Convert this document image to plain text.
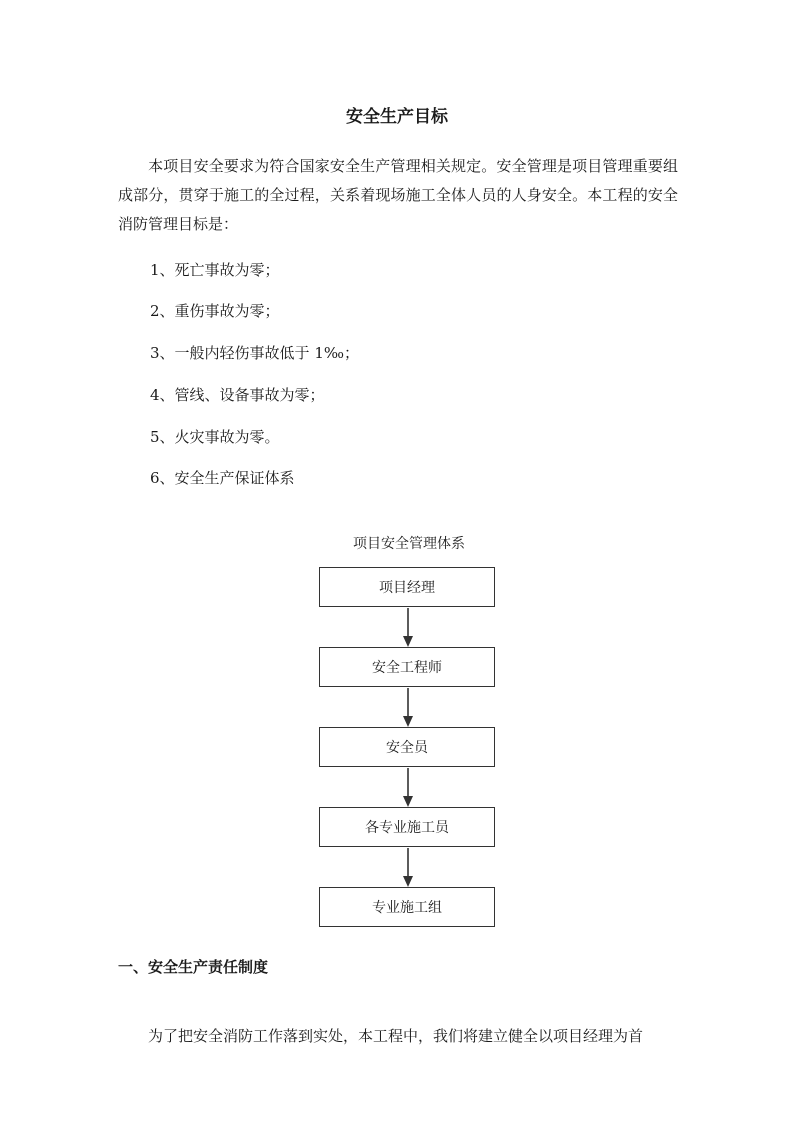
安全生产目标

本项目安全要求为符合国家安全生产管理相关规定。安全管理是项目管理重要组成部分，贯穿于施工的全过程，关系着现场施工全体人员的人身安全。本工程的安全消防管理目标是：

1、死亡事故为零；
2、重伤事故为零；
3、一般内轻伤事故低于 1‰；
4、管线、设备事故为零；
5、火灾事故为零。
6、安全生产保证体系
项目安全管理体系
项目经理
安全工程师
安全员
各专业施工员
专业施工组
一、安全生产责任制度
为了把安全消防工作落到实处，本工程中，我们将建立健全以项目经理为首
